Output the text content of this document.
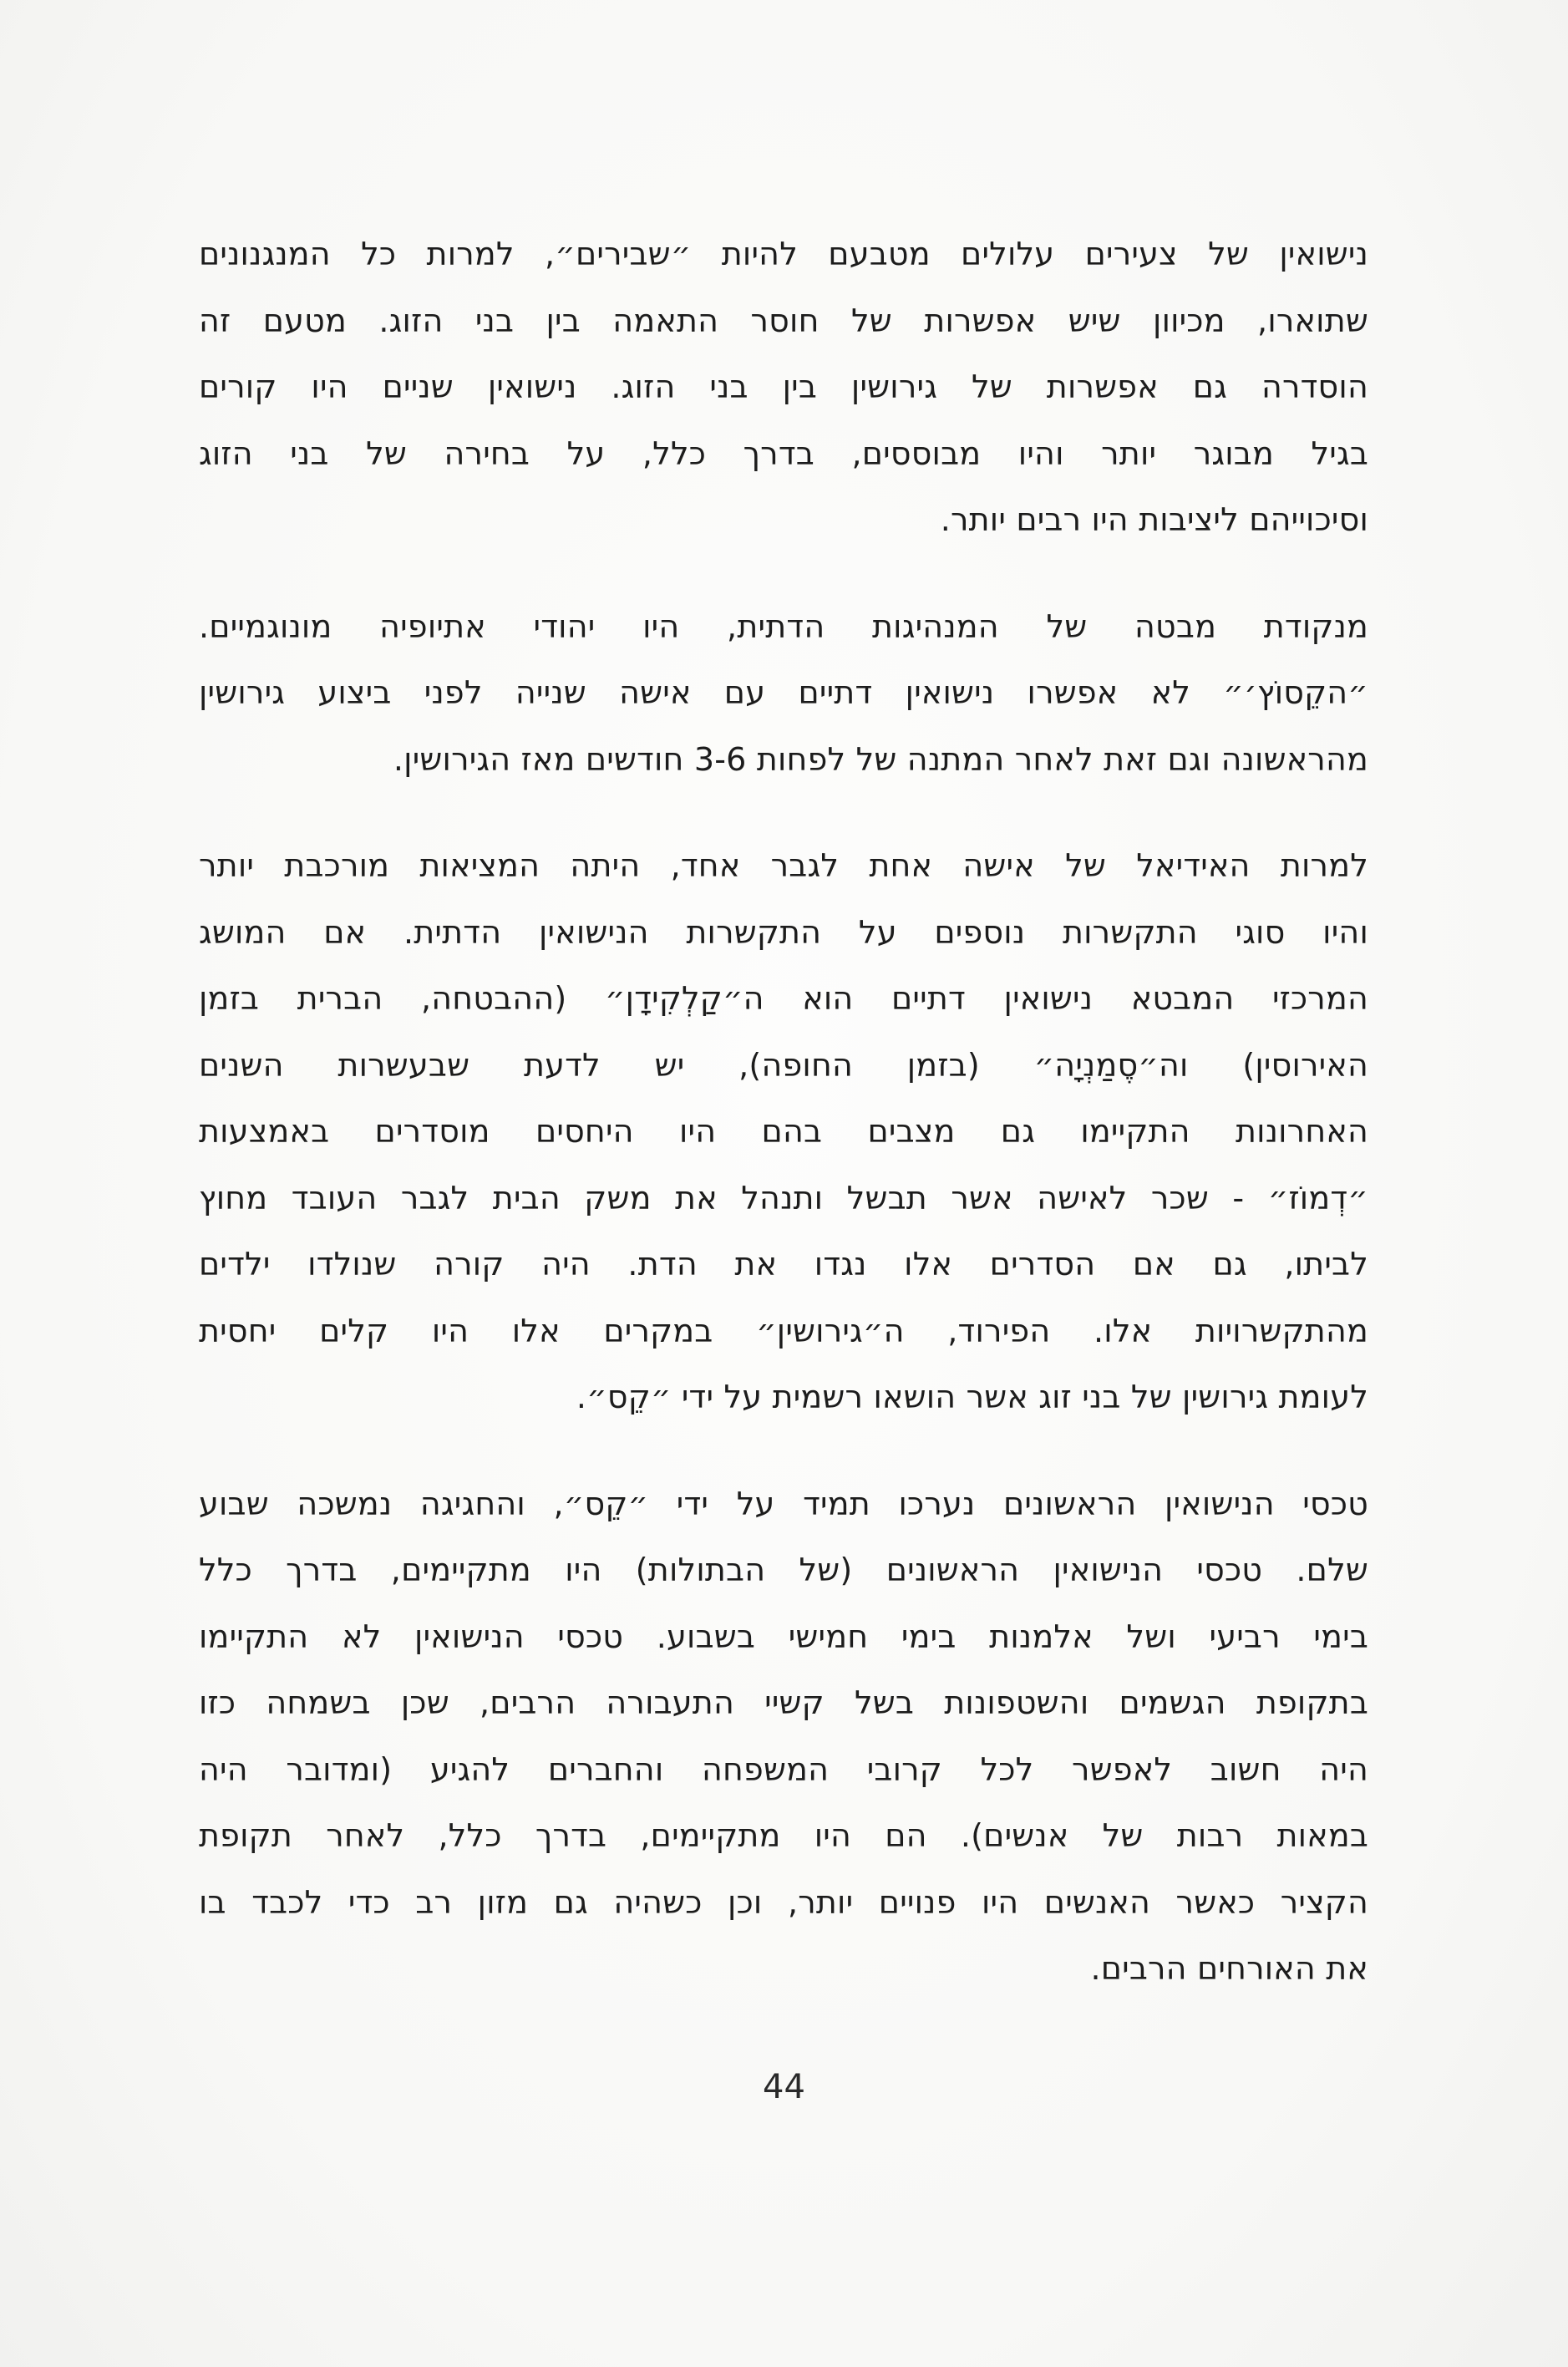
נישואין של צעירים עלולים מטבעם להיות ״שבירים״, למרות כל המנגנונים
שתוארו, מכיוון שיש אפשרות של חוסר התאמה בין בני הזוג. מטעם זה
הוסדרה גם אפשרות של גירושין בין בני הזוג. נישואין שניים היו קורים
בגיל מבוגר יותר והיו מבוססים, בדרך כלל, על בחירה של בני הזוג
וסיכוייהם ליציבות היו רבים יותר.
מנקודת מבטה של המנהיגות הדתית, היו יהודי אתיופיה מונוגמיים.
״הקֵסוֹץ׳״ לא אפשרו נישואין דתיים עם אישה שנייה לפני ביצוע גירושין
מהראשונה וגם זאת לאחר המתנה של לפחות 3-6 חודשים מאז הגירושין.
למרות האידיאל של אישה אחת לגבר אחד, היתה המציאות מורכבת יותר
והיו סוגי התקשרות נוספים על התקשרות הנישואין הדתית. אם המושג
המרכזי המבטא נישואין דתיים הוא ה״קַלְקִידָן״ (ההבטחה, הברית בזמן
האירוסין) וה״סֶמַנְיָה״ (בזמן החופה), יש לדעת שבעשרות השנים
האחרונות התקיימו גם מצבים בהם היו היחסים מוסדרים באמצעות
״דְמוֹז״ - שכר לאישה אשר תבשל ותנהל את משק הבית לגבר העובד מחוץ
לביתו, גם אם הסדרים אלו נגדו את הדת. היה קורה שנולדו ילדים
מהתקשרויות אלו. הפירוד, ה״גירושין״ במקרים אלו היו קלים יחסית
לעומת גירושין של בני זוג אשר הושאו רשמית על ידי ״קֵס״.
טכסי הנישואין הראשונים נערכו תמיד על ידי ״קֵס״, והחגיגה נמשכה שבוע
שלם. טכסי הנישואין הראשונים (של הבתולות) היו מתקיימים, בדרך כלל
בימי רביעי ושל אלמנות בימי חמישי בשבוע. טכסי הנישואין לא התקיימו
בתקופת הגשמים והשטפונות בשל קשיי התעבורה הרבים, שכן בשמחה כזו
היה חשוב לאפשר לכל קרובי המשפחה והחברים להגיע (ומדובר היה
במאות רבות של אנשים). הם היו מתקיימים, בדרך כלל, לאחר תקופת
הקציר כאשר האנשים היו פנויים יותר, וכן כשהיה גם מזון רב כדי לכבד בו
את האורחים הרבים.
44
